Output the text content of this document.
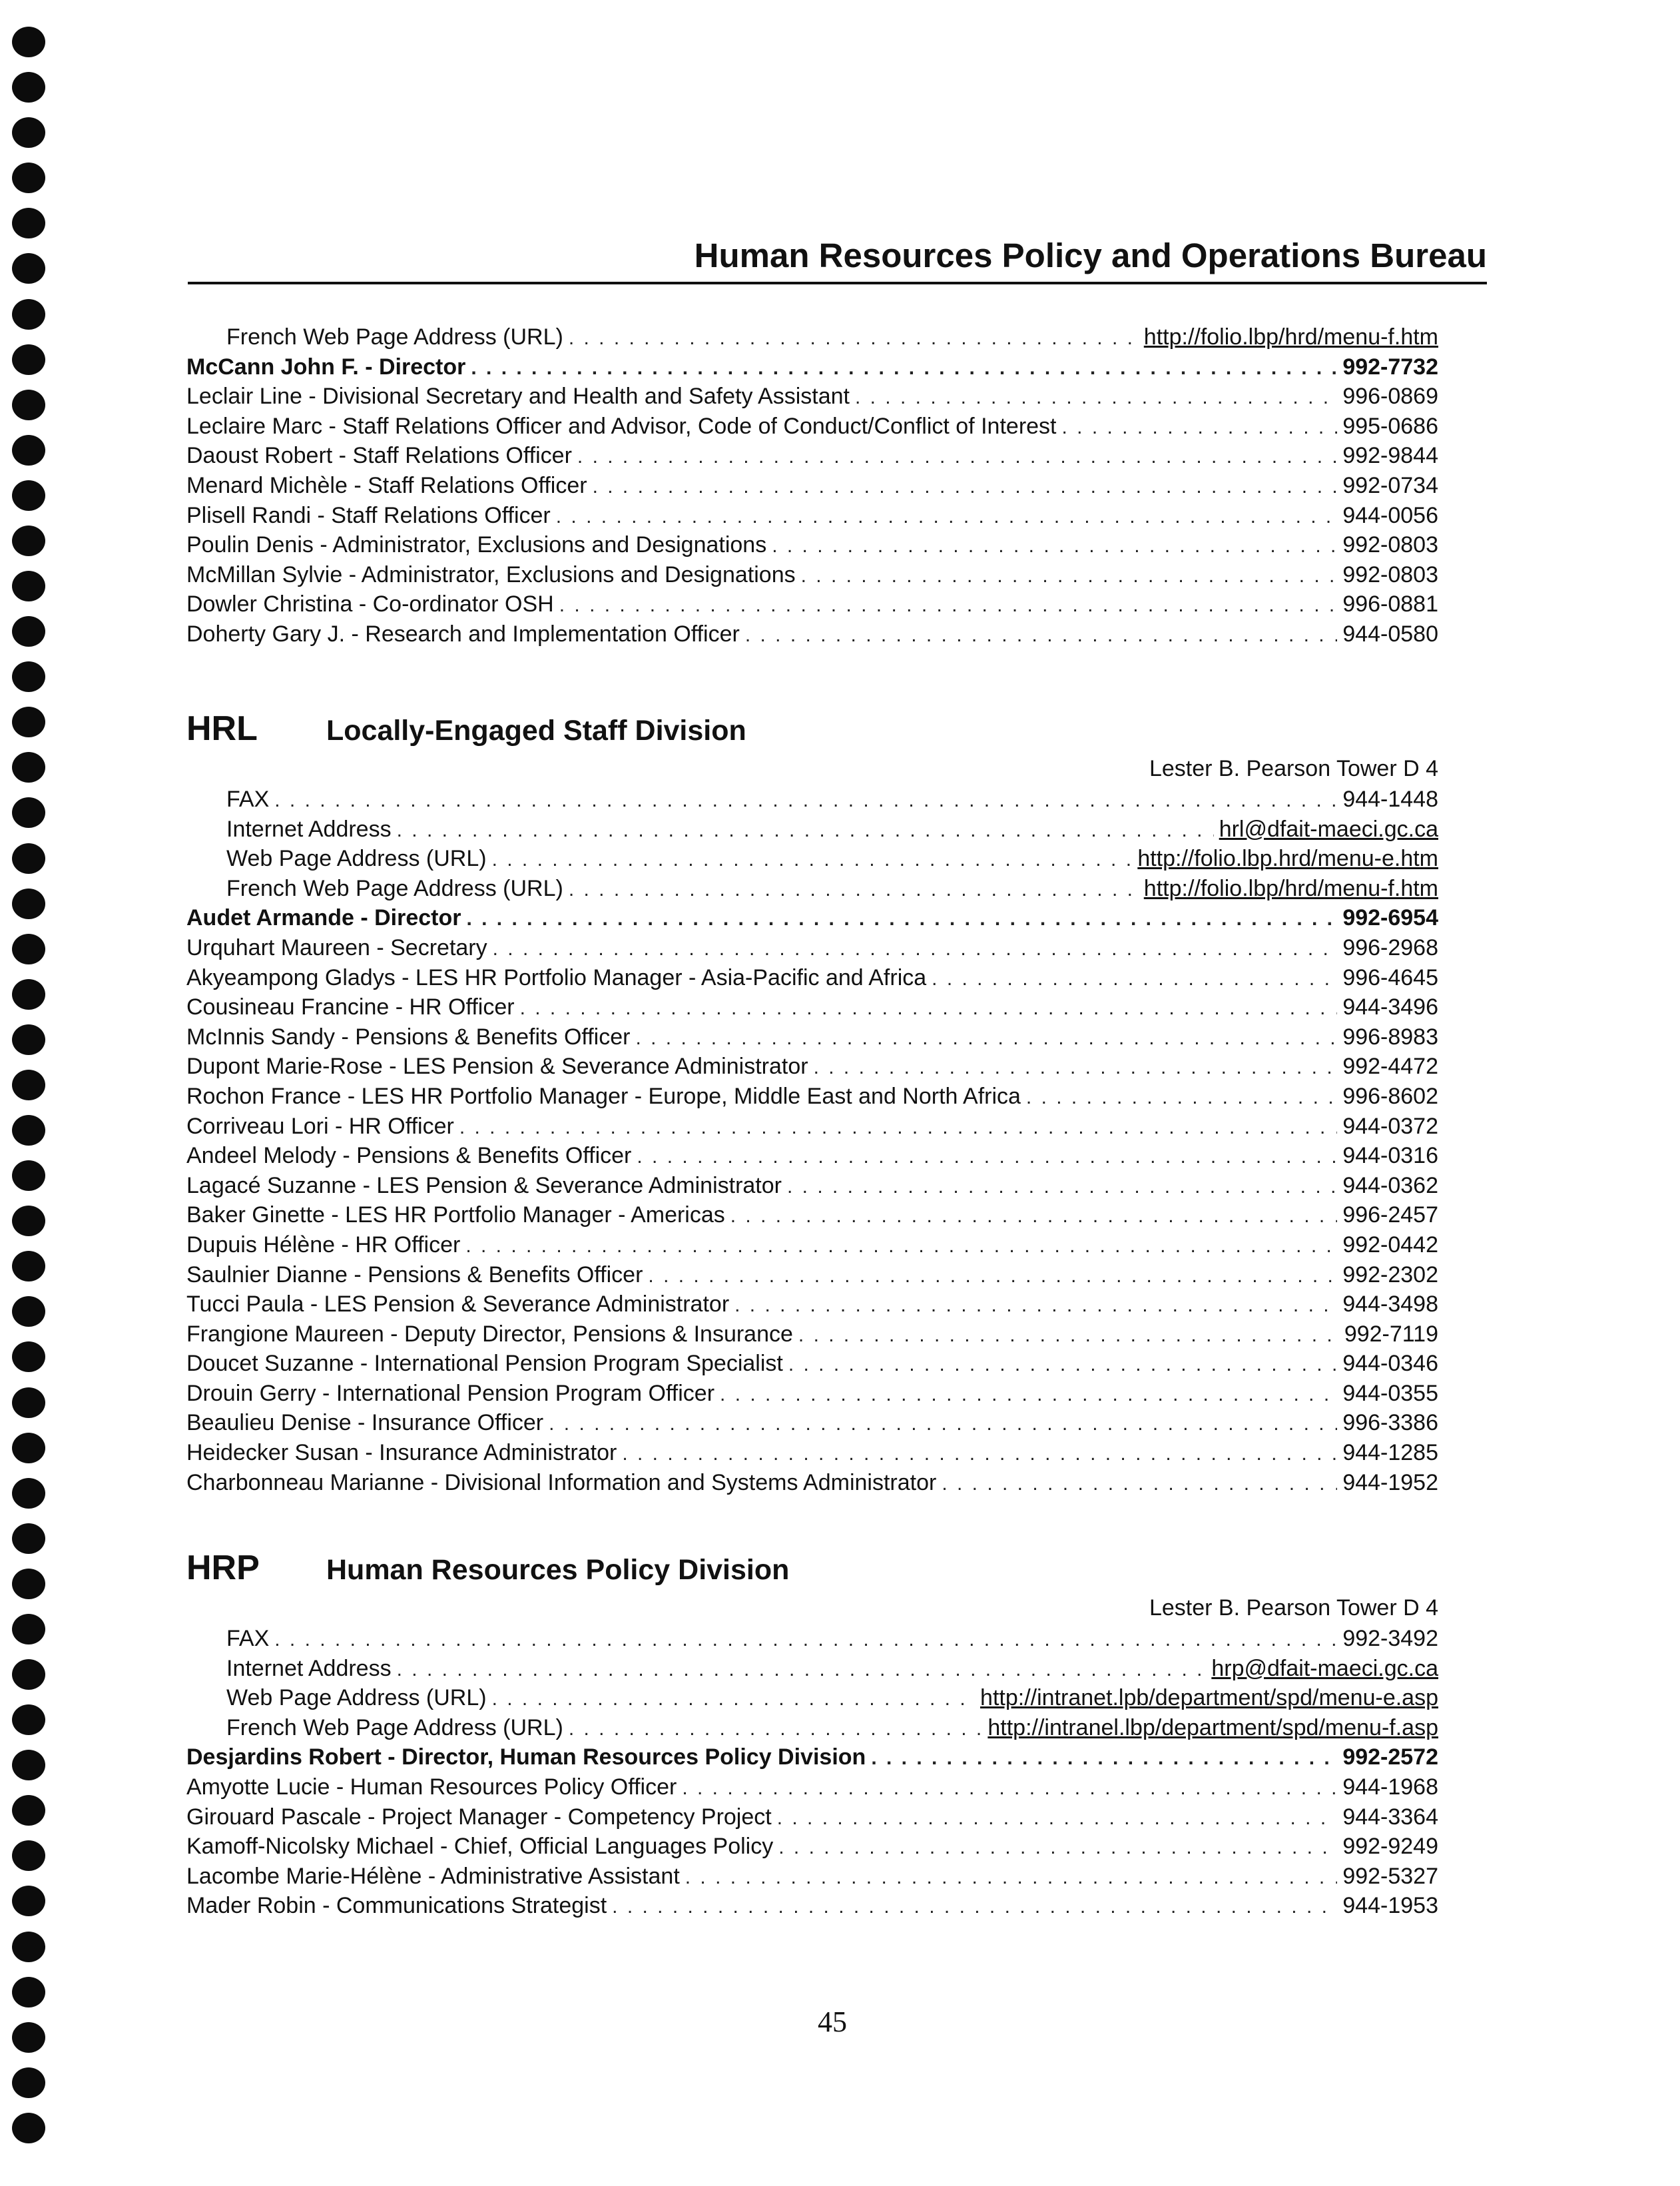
Human Resources Policy and Operations Bureau
French Web Page Address (URL) . . .	http://folio.lbp/hrd/menu-f.htm
McCann John F. - Director . . .	992-7732
Leclair Line - Divisional Secretary and Health and Safety Assistant . . .	996-0869
Leclaire Marc - Staff Relations Officer and Advisor, Code of Conduct/Conflict of Interest . . .	995-0686
Daoust Robert - Staff Relations Officer . . .	992-9844
Menard Michèle - Staff Relations Officer . . .	992-0734
Plisell Randi - Staff Relations Officer . . .	944-0056
Poulin Denis - Administrator, Exclusions and Designations . . .	992-0803
McMillan Sylvie - Administrator, Exclusions and Designations . . .	992-0803
Dowler Christina - Co-ordinator OSH . . .	996-0881
Doherty Gary J. - Research and Implementation Officer . . .	944-0580
HRL	Locally-Engaged Staff Division
Lester B. Pearson Tower D 4
FAX . . .	944-1448
Internet Address . . .	hrl@dfait-maeci.gc.ca
Web Page Address (URL) . . .	http://folio.lbp.hrd/menu-e.htm
French Web Page Address (URL) . . .	http://folio.lbp/hrd/menu-f.htm
Audet Armande - Director . . .	992-6954
Urquhart Maureen - Secretary . . .	996-2968
Akyeampong Gladys - LES HR Portfolio Manager - Asia-Pacific and Africa . . .	996-4645
Cousineau Francine - HR Officer . . .	944-3496
McInnis Sandy - Pensions & Benefits Officer . . .	996-8983
Dupont Marie-Rose - LES Pension & Severance Administrator . . .	992-4472
Rochon France - LES HR Portfolio Manager - Europe, Middle East and North Africa . . .	996-8602
Corriveau Lori - HR Officer . . .	944-0372
Andeel Melody - Pensions & Benefits Officer . . .	944-0316
Lagacé Suzanne - LES Pension & Severance Administrator . . .	944-0362
Baker Ginette - LES HR Portfolio Manager - Americas . . .	996-2457
Dupuis Hélène - HR Officer . . .	992-0442
Saulnier Dianne - Pensions & Benefits Officer . . .	992-2302
Tucci Paula - LES Pension & Severance Administrator . . .	944-3498
Frangione Maureen - Deputy Director, Pensions & Insurance . . .	992-7119
Doucet Suzanne - International Pension Program Specialist . . .	944-0346
Drouin Gerry - International Pension Program Officer . . .	944-0355
Beaulieu Denise - Insurance Officer . . .	996-3386
Heidecker Susan - Insurance Administrator . . .	944-1285
Charbonneau Marianne - Divisional Information and Systems Administrator . . .	944-1952
HRP	Human Resources Policy Division
Lester B. Pearson Tower D 4
FAX . . .	992-3492
Internet Address . . .	hrp@dfait-maeci.gc.ca
Web Page Address (URL) . . .	http://intranet.lpb/department/spd/menu-e.asp
French Web Page Address (URL) . . .	http://intranel.lbp/department/spd/menu-f.asp
Desjardins Robert - Director, Human Resources Policy Division . . .	992-2572
Amyotte Lucie - Human Resources Policy Officer . . .	944-1968
Girouard Pascale - Project Manager - Competency Project . . .	944-3364
Kamoff-Nicolsky Michael - Chief, Official Languages Policy . . .	992-9249
Lacombe Marie-Hélène - Administrative Assistant . . .	992-5327
Mader Robin - Communications Strategist . . .	944-1953
45
